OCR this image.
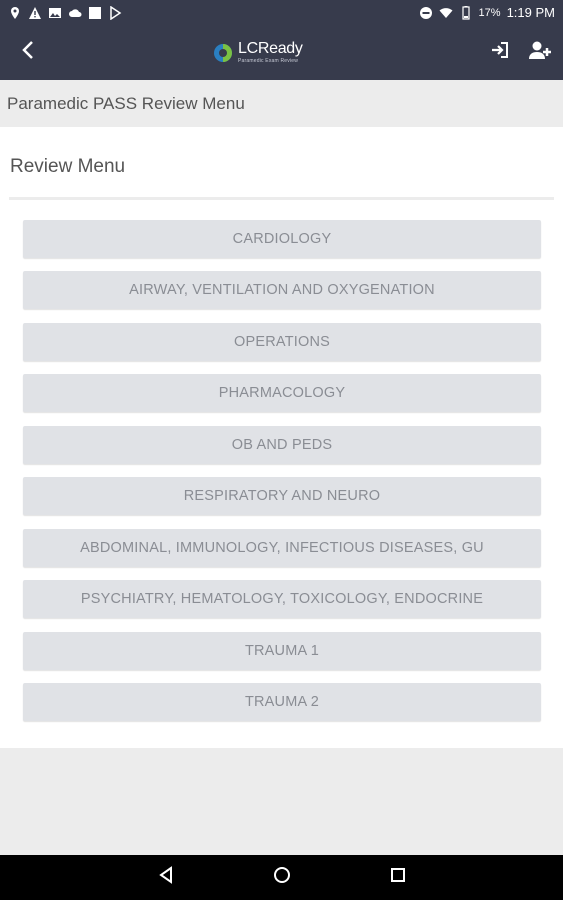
17% 1:19 PM
LCReady
Paramedic Exam Review
Paramedic PASS Review Menu
Review Menu
CARDIOLOGY
AIRWAY, VENTILATION AND OXYGENATION
OPERATIONS
PHARMACOLOGY
OB AND PEDS
RESPIRATORY AND NEURO
ABDOMINAL, IMMUNOLOGY, INFECTIOUS DISEASES, GU
PSYCHIATRY, HEMATOLOGY, TOXICOLOGY, ENDOCRINE
TRAUMA 1
TRAUMA 2
